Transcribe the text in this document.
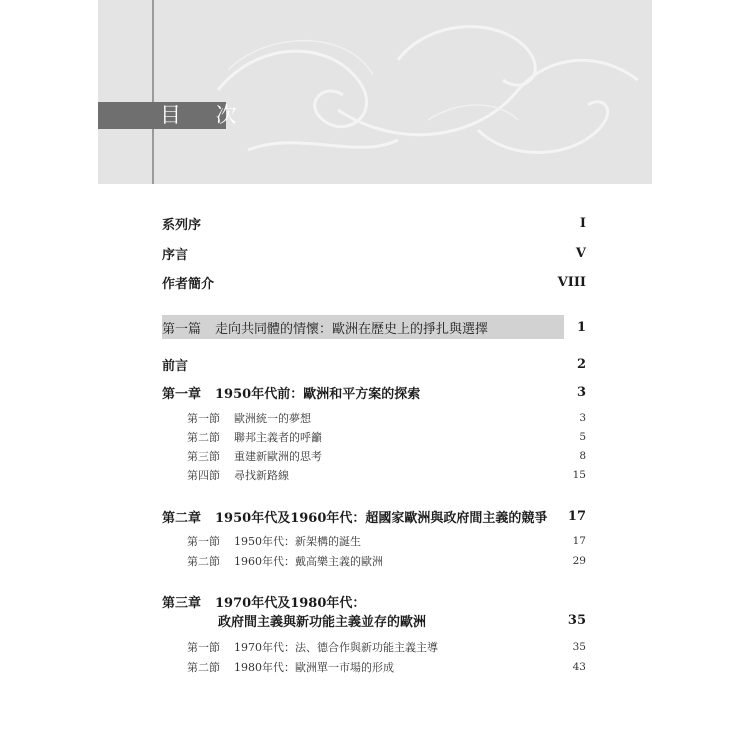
目 次
系列序	I
序言	V
作者簡介	VIII
第一篇 走向共同體的情懷：歐洲在歷史上的掙扎與選擇	1
前言	2
第一章 1950年代前：歐洲和平方案的探索	3
第一節 歐洲統一的夢想	3
第二節 聯邦主義者的呼籲	5
第三節 重建新歐洲的思考	8
第四節 尋找新路線	15
第二章 1950年代及1960年代：超國家歐洲與政府間主義的競爭 17
第一節 1950年代：新架構的誕生	17
第二節 1960年代：戴高樂主義的歐洲	29
第三章 1970年代及1980年代：
政府間主義與新功能主義並存的歐洲	35
第一節 1970年代：法、德合作與新功能主義主導	35
第二節 1980年代：歐洲單一市場的形成	43
